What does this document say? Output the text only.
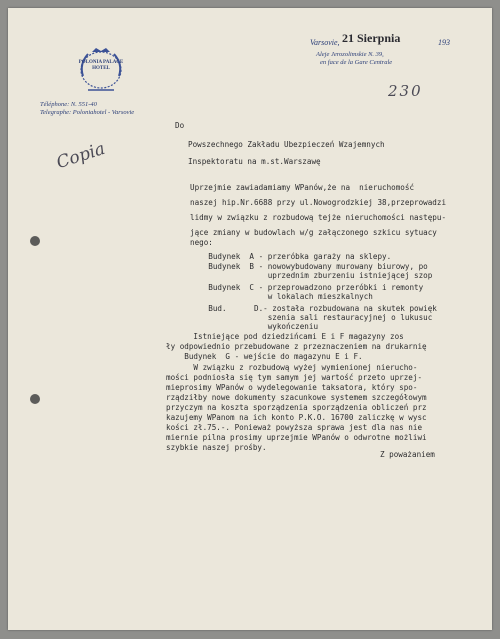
POLONIA PALACE HOTEL
Téléphone: N. 551-40
Telegraphe: Poloniahotel - Varsovie
Varsovie, 21 Sierpnia	193
Aleje Jerozolimskie N. 39,
en face de la Gare Centrale
230
Copia
Do
Powszechnego Zakładu Ubezpieczeń Wzajemnych
Inspektoratu na m.st.Warszawę
Uprzejmie zawiadamiamy WPanów,że na  nieruchomość
naszej hip.Nr.6688 przy ul.Nowogrodzkiej 38,przeprowadzi
lidmy w związku z rozbudową tejże nieruchomości następu-
jące zmiany w budowlach w/g załączonego szkicu sytuacy
nego:
Budynek  A - przeróbka garaży na sklepy.
Budynek  B - nowowybudowany murowany biurowy, po
uprzednim zburzeniu istniejącej szop
Budynek  C - przeprowadzono przeróbki i remonty
w lokalach mieszkalnych
Bud.      D.- została rozbudowana na skutek powięk
szenia sali restauracyjnej o lukusuc
wykończeniu
Istniejące pod dziedzińcami E i F magazyny zos
ły odpowiednio przebudowane z przeznaczeniem na drukarnię
Budynek  G - wejście do magazynu E i F.
W związku z rozbudową wyżej wymienionej nierucho-
mości podniosła się tym samym jej wartość przeto uprzej-
mieprosimy WPanów o wydelegowanie taksatora, który spo-
rządziłby nowe dokumenty szacunkowe systemem szczegółowym
przyczym na koszta sporządzenia sporządzenia obliczeń prz
kazujemy WPanom na ich konto P.K.O. 16700 zaliczkę w wysc
kości zł.75.-. Ponieważ powyższa sprawa jest dla nas nie
miernie pilna prosimy uprzejmie WPanów o odwrotne możliwi
szybkie naszej prośby.
Z poważaniem
